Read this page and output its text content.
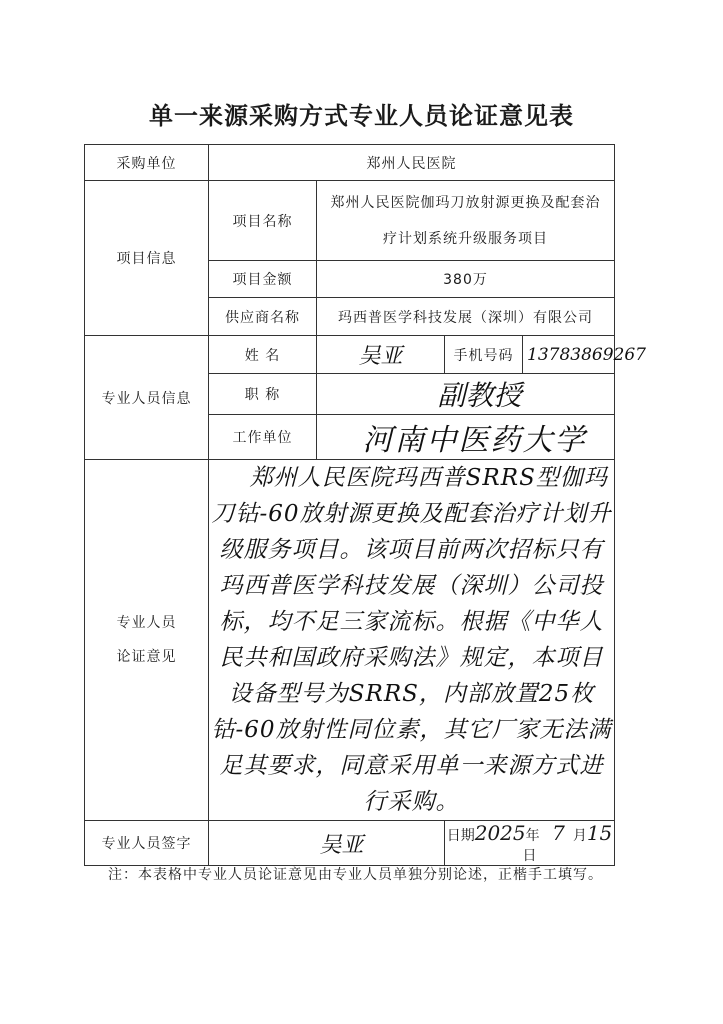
单一来源采购方式专业人员论证意见表
采购单位	郑州人民医院			
项目信息	项目名称	郑州人民医院伽玛刀放射源更换及配套治疗计划系统升级服务项目		

	项目金额	380万		
	供应商名称	玛西普医学科技发展（深圳）有限公司		
专业人员信息	姓 名	吴亚	手机号码	13783869267
	职 称	副教授		
	工作单位	河南中医药大学		

专业人员
论证意见	郑州人民医院玛西普SRRS型伽玛刀钴-60放射源更换及配套治疗计划升级服务项目。该项目前两次招标只有玛西普医学科技发展（深圳）公司投标，均不足三家流标。根据《中华人民共和国政府采购法》规定，本项目设备型号为SRRS，内部放置25枚钴-60放射性同位素，其它厂家无法满足其要求，同意采用单一来源方式进行采购。			

专业人员签字	吴亚		日期2025年 7 月15日	

注：本表格中专业人员论证意见由专业人员单独分别论述，正楷手工填写。
